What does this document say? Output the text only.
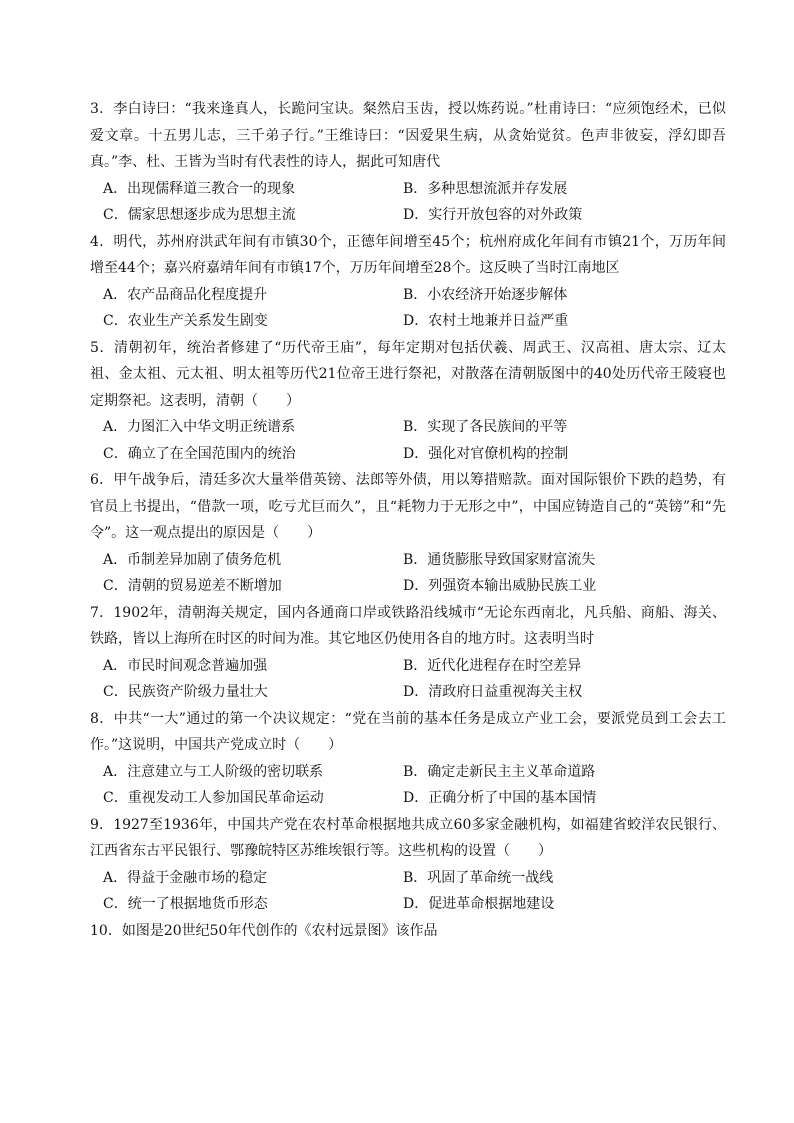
3．李白诗曰：“我来逢真人，长跪问宝诀。粲然启玉齿，授以炼药说。”杜甫诗曰：“应须饱经术，已似爱文章。十五男儿志，三千弟子行。”王维诗曰：“因爱果生病，从贪始觉贫。色声非彼妄，浮幻即吾真。”李、杜、王皆为当时有代表性的诗人，据此可知唐代

A．出现儒释道三教合一的现象	B．多种思想流派并存发展
C．儒家思想逐步成为思想主流	D．实行开放包容的对外政策

4．明代，苏州府洪武年间有市镇30个，正德年间增至45个；杭州府成化年间有市镇21个，万历年间增至44个；嘉兴府嘉靖年间有市镇17个，万历年间增至28个。这反映了当时江南地区

A．农产品商品化程度提升	B．小农经济开始逐步解体
C．农业生产关系发生剧变	D．农村土地兼并日益严重

5．清朝初年，统治者修建了“历代帝王庙”，每年定期对包括伏羲、周武王、汉高祖、唐太宗、辽太祖、金太祖、元太祖、明太祖等历代21位帝王进行祭祀，对散落在清朝版图中的40处历代帝王陵寝也定期祭祀。这表明，清朝（　　）

A．力图汇入中华文明正统谱系	B．实现了各民族间的平等
C．确立了在全国范围内的统治	D．强化对官僚机构的控制

6．甲午战争后，清廷多次大量举借英镑、法郎等外债，用以筹措赔款。面对国际银价下跌的趋势，有官员上书提出，“借款一项，吃亏尤巨而久”，且“耗物力于无形之中”，中国应铸造自己的“英镑”和“先令”。这一观点提出的原因是（　　）

A．币制差异加剧了债务危机	B．通货膨胀导致国家财富流失
C．清朝的贸易逆差不断增加	D．列强资本输出威胁民族工业

7．1902年，清朝海关规定，国内各通商口岸或铁路沿线城市“无论东西南北，凡兵船、商船、海关、铁路，皆以上海所在时区的时间为准。其它地区仍使用各自的地方时。这表明当时

A．市民时间观念普遍加强	B．近代化进程存在时空差异
C．民族资产阶级力量壮大	D．清政府日益重视海关主权

8．中共“一大”通过的第一个决议规定：“党在当前的基本任务是成立产业工会，要派党员到工会去工作。”这说明，中国共产党成立时（　　）

A．注意建立与工人阶级的密切联系	B．确定走新民主主义革命道路
C．重视发动工人参加国民革命运动	D．正确分析了中国的基本国情

9．1927至1936年，中国共产党在农村革命根据地共成立60多家金融机构，如福建省蛟洋农民银行、江西省东古平民银行、鄂豫皖特区苏维埃银行等。这些机构的设置（　　）

A．得益于金融市场的稳定	B．巩固了革命统一战线
C．统一了根据地货币形态	D．促进革命根据地建设

10．如图是20世纪50年代创作的《农村远景图》该作品
